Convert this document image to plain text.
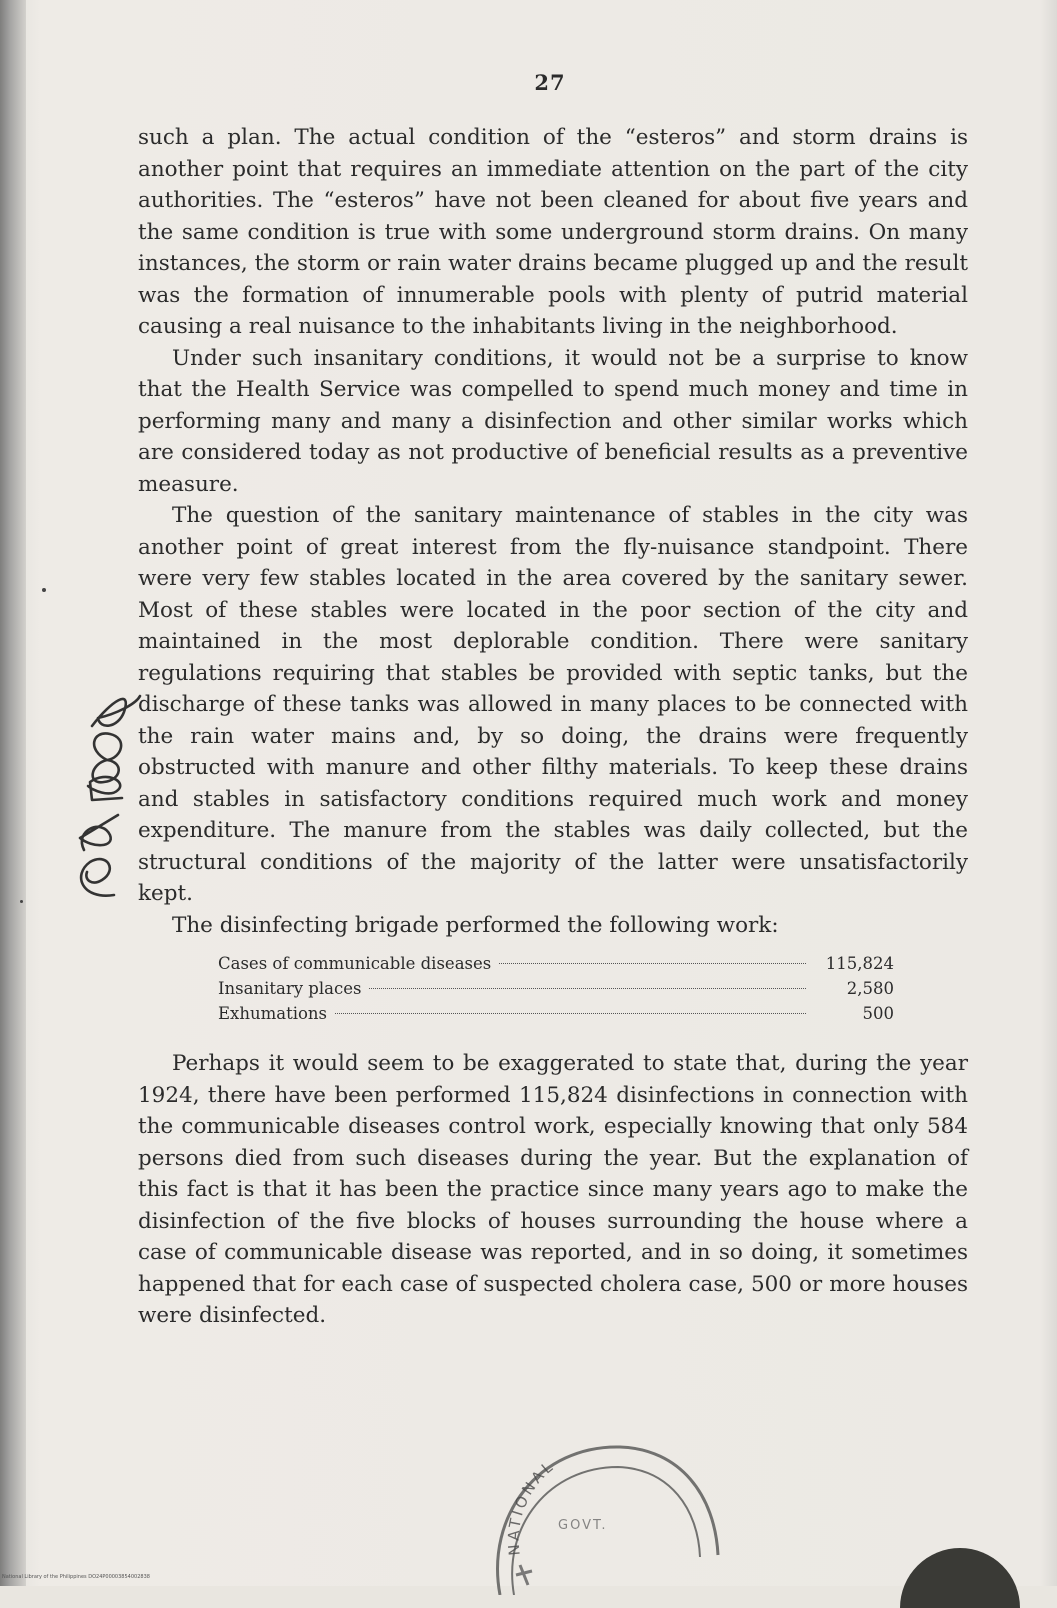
27

such a plan. The actual condition of the “esteros” and storm drains is another point that requires an immediate attention on the part of the city authorities. The “esteros” have not been cleaned for about five years and the same condition is true with some underground storm drains. On many instances, the storm or rain water drains became plugged up and the result was the formation of innumerable pools with plenty of putrid material causing a real nuisance to the inhabitants living in the neighborhood.

Under such insanitary conditions, it would not be a surprise to know that the Health Service was compelled to spend much money and time in performing many and many a disinfection and other similar works which are considered today as not productive of beneficial results as a preventive measure.

The question of the sanitary maintenance of stables in the city was another point of great interest from the fly-nuisance standpoint. There were very few stables located in the area covered by the sanitary sewer. Most of these stables were located in the poor section of the city and maintained in the most deplorable condition. There were sanitary regulations requiring that stables be provided with septic tanks, but the discharge of these tanks was allowed in many places to be connected with the rain water mains and, by so doing, the drains were frequently obstructed with manure and other filthy materials. To keep these drains and stables in satisfactory conditions required much work and money expenditure. The manure from the stables was daily collected, but the structural conditions of the majority of the latter were unsatisfactorily kept.

The disinfecting brigade performed the following work:

Cases of communicable diseases	115,824
Insanitary places	2,580
Exhumations	500

Perhaps it would seem to be exaggerated to state that, during the year 1924, there have been performed 115,824 disinfections in connection with the communicable diseases control work, especially knowing that only 584 persons died from such diseases during the year. But the explanation of this fact is that it has been the practice since many years ago to make the disinfection of the five blocks of houses surrounding the house where a case of communicable disease was reported, and in so doing, it sometimes happened that for each case of suspected cholera case, 500 or more houses were disinfected.

NATIONAL
GOVT.
National Library of the Philippines DO24P00003854002838
